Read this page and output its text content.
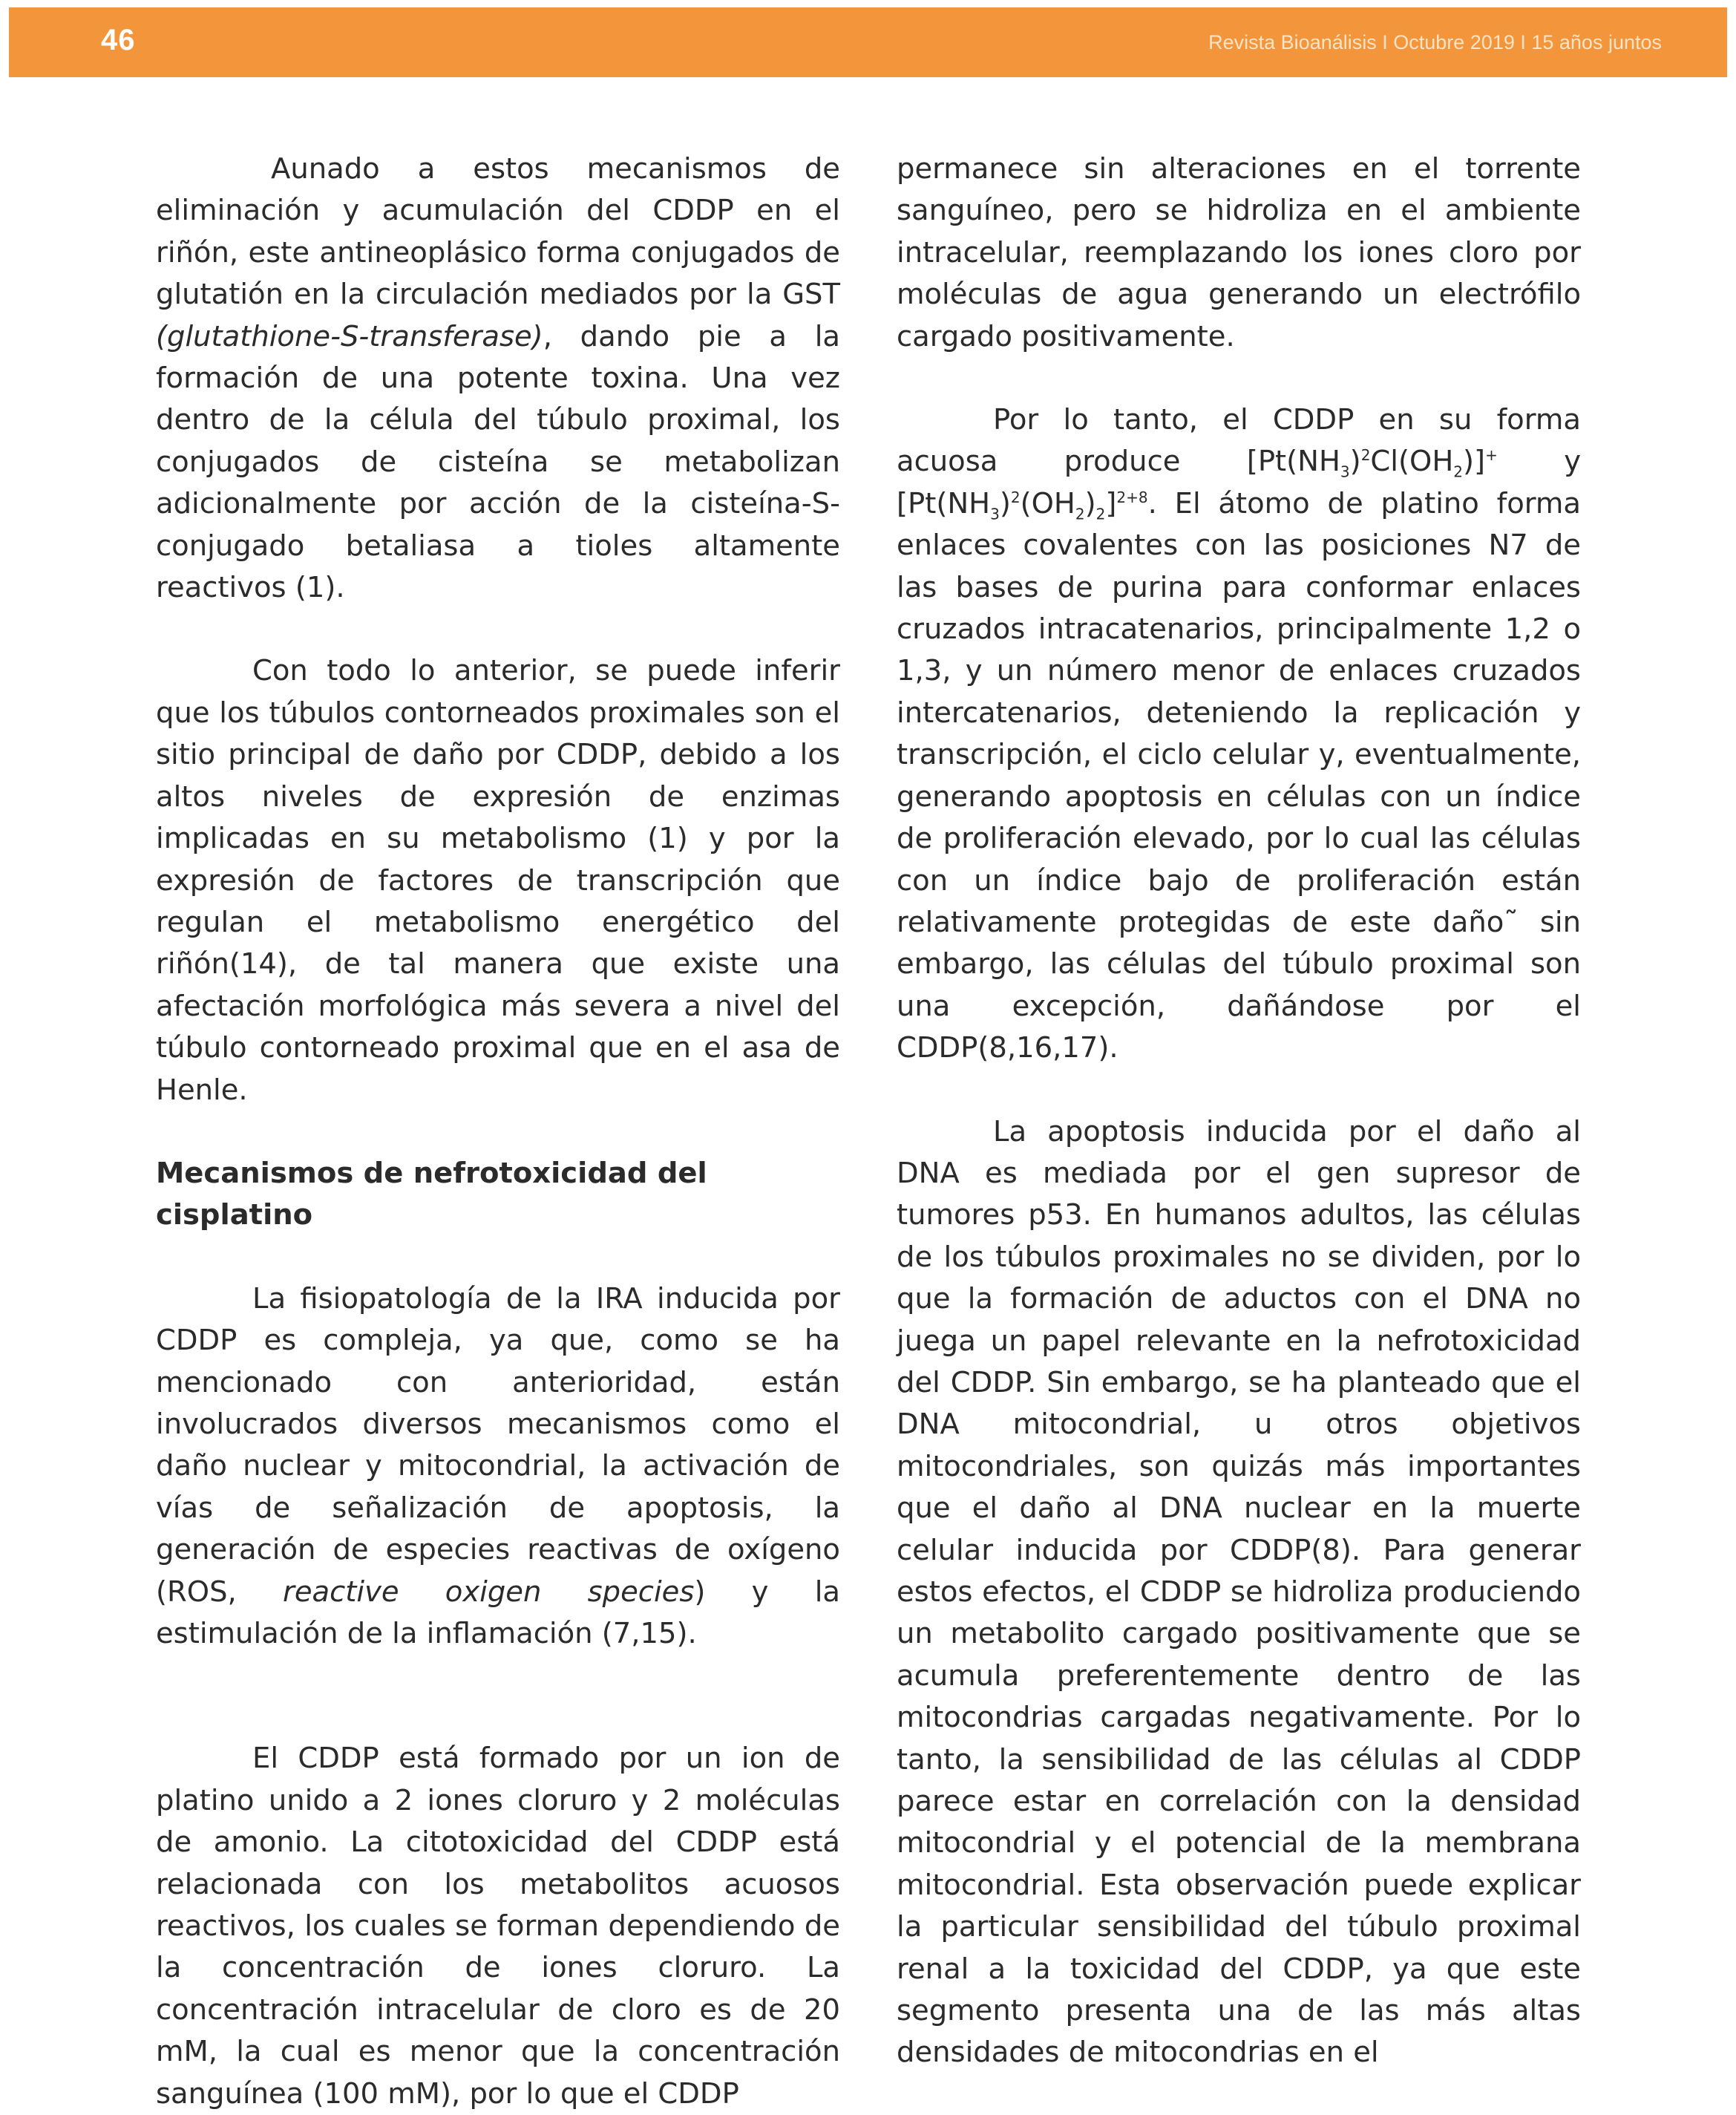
46	Revista Bioanálisis I Octubre 2019 I 15 años juntos

Aunado a estos mecanismos de eliminación y acumulación del CDDP en el riñón, este antineoplásico forma conjugados de glutatión en la circulación mediados por la GST (glutathione-S-transferase), dando pie a la formación de una potente toxina. Una vez dentro de la célula del túbulo proximal, los conjugados de cisteína se metabolizan adicionalmente por acción de la cisteína-S-conjugado betaliasa a tioles altamente reactivos (1).

Con todo lo anterior, se puede inferir que los túbulos contorneados proximales son el sitio principal de daño por CDDP, debido a los altos niveles de expresión de enzimas implicadas en su metabolismo (1) y por la expresión de factores de transcripción que regulan el metabolismo energético del riñón(14), de tal manera que existe una afectación morfológica más severa a nivel del túbulo contorneado proximal que en el asa de Henle.

Mecanismos de nefrotoxicidad del cisplatino

La fisiopatología de la IRA inducida por CDDP es compleja, ya que, como se ha mencionado con anterioridad, están involucrados diversos mecanismos como el daño nuclear y mitocondrial, la activación de vías de señalización de apoptosis, la generación de especies reactivas de oxígeno (ROS, reactive oxigen species) y la estimulación de la inflamación (7,15).

El CDDP está formado por un ion de platino unido a 2 iones cloruro y 2 moléculas de amonio. La citotoxicidad del CDDP está relacionada con los metabolitos acuosos reactivos, los cuales se forman dependiendo de la concentración de iones cloruro. La concentración intracelular de cloro es de 20 mM, la cual es menor que la concentración sanguínea (100 mM), por lo que el CDDP

permanece sin alteraciones en el torrente sanguíneo, pero se hidroliza en el ambiente intracelular, reemplazando los iones cloro por moléculas de agua generando un electrófilo cargado positivamente.

Por lo tanto, el CDDP en su forma acuosa produce $[Pt(NH_3)^2Cl(OH_2)]^+$ y $[Pt(NH_3)^2(OH_2)_2]^{2+8}$. El átomo de platino forma enlaces covalentes con las posiciones N7 de las bases de purina para conformar enlaces cruzados intracatenarios, principalmente 1,2 o 1,3, y un número menor de enlaces cruzados intercatenarios, deteniendo la replicación y transcripción, el ciclo celular y, eventualmente, generando apoptosis en células con un índice de proliferación elevado, por lo cual las células con un índice bajo de proliferación están relativamente protegidas de este daño˜ sin embargo, las células del túbulo proximal son una excepción, dañándose por el CDDP(8,16,17).

La apoptosis inducida por el daño al DNA es mediada por el gen supresor de tumores p53. En humanos adultos, las células de los túbulos proximales no se dividen, por lo que la formación de aductos con el DNA no juega un papel relevante en la nefrotoxicidad del CDDP. Sin embargo, se ha planteado que el DNA mitocondrial, u otros objetivos mitocondriales, son quizás más importantes que el daño al DNA nuclear en la muerte celular inducida por CDDP(8). Para generar estos efectos, el CDDP se hidroliza produciendo un metabolito cargado positivamente que se acumula preferentemente dentro de las mitocondrias cargadas negativamente. Por lo tanto, la sensibilidad de las células al CDDP parece estar en correlación con la densidad mitocondrial y el potencial de la membrana mitocondrial. Esta observación puede explicar la particular sensibilidad del túbulo proximal renal a la toxicidad del CDDP, ya que este segmento presenta una de las más altas densidades de mitocondrias en el
